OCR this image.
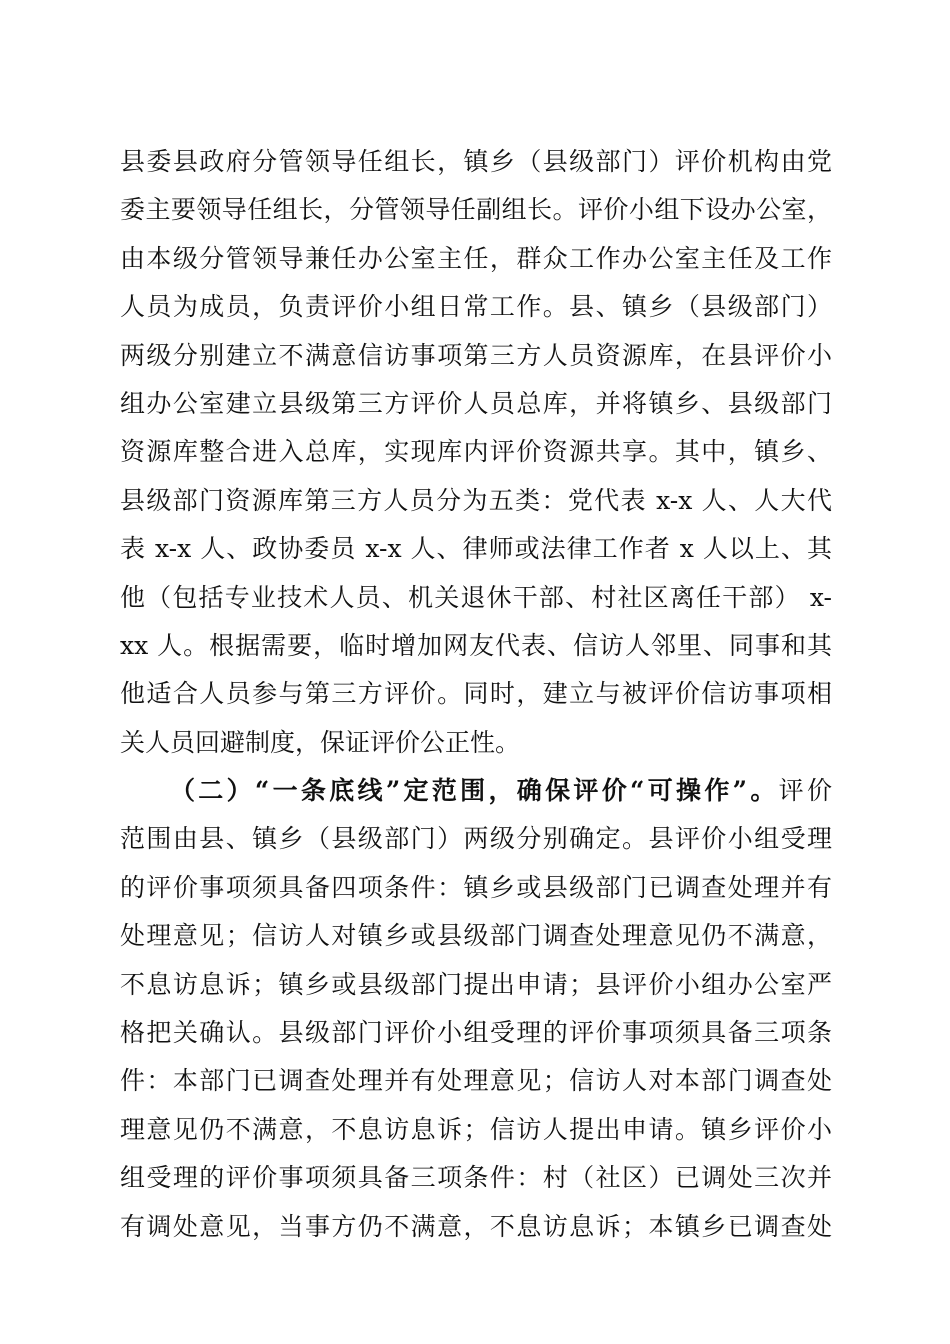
县委县政府分管领导任组长，镇乡（县级部门）评价机构由党
委主要领导任组长，分管领导任副组长。评价小组下设办公室，
由本级分管领导兼任办公室主任，群众工作办公室主任及工作
人员为成员，负责评价小组日常工作。县、镇乡（县级部门）
两级分别建立不满意信访事项第三方人员资源库，在县评价小
组办公室建立县级第三方评价人员总库，并将镇乡、县级部门
资源库整合进入总库，实现库内评价资源共享。其中，镇乡、
县级部门资源库第三方人员分为五类：党代表 x-x 人、人大代
表 x-x 人、政协委员 x-x 人、律师或法律工作者 x 人以上、其
他（包括专业技术人员、机关退休干部、村社区离任干部） x-
xx 人。根据需要，临时增加网友代表、信访人邻里、同事和其
他适合人员参与第三方评价。同时，建立与被评价信访事项相
关人员回避制度，保证评价公正性。
（二）“一条底线”定范围，确保评价“可操作”。评价
范围由县、镇乡（县级部门）两级分别确定。县评价小组受理
的评价事项须具备四项条件：镇乡或县级部门已调查处理并有
处理意见；信访人对镇乡或县级部门调查处理意见仍不满意，
不息访息诉；镇乡或县级部门提出申请；县评价小组办公室严
格把关确认。县级部门评价小组受理的评价事项须具备三项条
件：本部门已调查处理并有处理意见；信访人对本部门调查处
理意见仍不满意，不息访息诉；信访人提出申请。镇乡评价小
组受理的评价事项须具备三项条件：村（社区）已调处三次并
有调处意见，当事方仍不满意，不息访息诉；本镇乡已调查处
